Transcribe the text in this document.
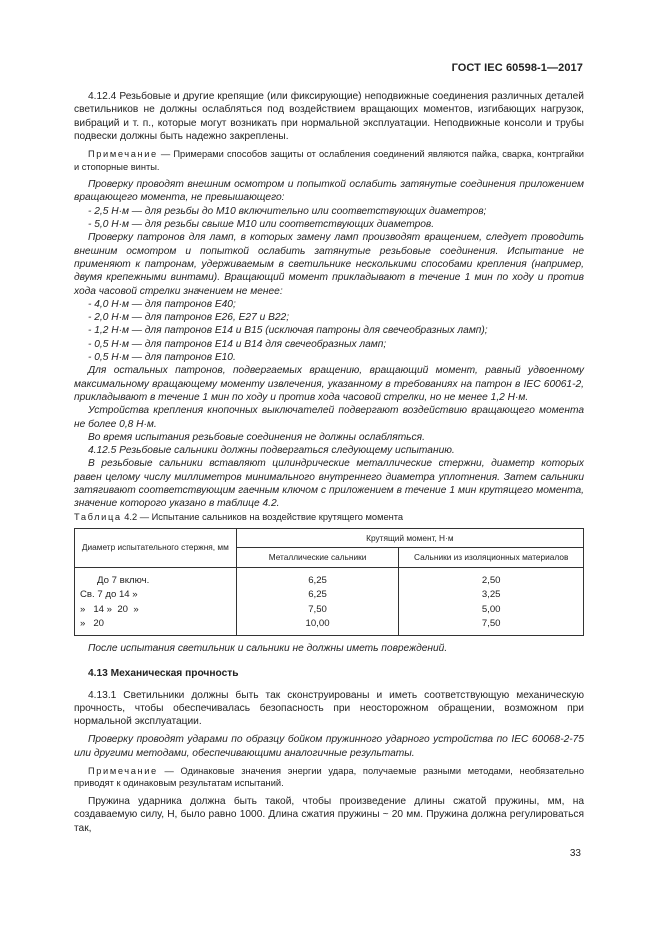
ГОСТ IEC 60598-1—2017

4.12.4 Резьбовые и другие крепящие (или фиксирующие) неподвижные соединения различных деталей светильников не должны ослабляться под воздействием вращающих моментов, изгибающих нагрузок, вибраций и т. п., которые могут возникать при нормальной эксплуатации. Неподвижные консоли и трубы подвески должны быть надежно закреплены.

Примечание — Примерами способов защиты от ослабления соединений являются пайка, сварка, контргайки и стопорные винты.

Проверку проводят внешним осмотром и попыткой ослабить затянутые соединения приложением вращающего момента, не превышающего:

- 2,5 Н·м — для резьбы до М10 включительно или соответствующих диаметров;

- 5,0 Н·м — для резьбы свыше М10 или соответствующих диаметров.

Проверку патронов для ламп, в которых замену ламп производят вращением, следует проводить внешним осмотром и попыткой ослабить затянутые резьбовые соединения. Испытание не применяют к патронам, удерживаемым в светильнике несколькими способами крепления (например, двумя крепежными винтами). Вращающий момент прикладывают в течение 1 мин по ходу и против хода часовой стрелки значением не менее:

- 4,0 Н·м — для патронов Е40;

- 2,0 Н·м — для патронов Е26, Е27 и В22;

- 1,2 Н·м — для патронов Е14 и В15 (исключая патроны для свечеобразных ламп);

- 0,5 Н·м — для патронов Е14 и В14 для свечеобразных ламп;

- 0,5 Н·м — для патронов Е10.

Для остальных патронов, подвергаемых вращению, вращающий момент, равный удвоенному максимальному вращающему моменту извлечения, указанному в требованиях на патрон в IEC 60061-2, прикладывают в течение 1 мин по ходу и против хода часовой стрелки, но не менее 1,2 Н·м.

Устройства крепления кнопочных выключателей подвергают воздействию вращающего момента не более 0,8 Н·м.

Во время испытания резьбовые соединения не должны ослабляться.

4.12.5 Резьбовые сальники должны подвергаться следующему испытанию.

В резьбовые сальники вставляют цилиндрические металлические стержни, диаметр которых равен целому числу миллиметров минимального внутреннего диаметра уплотнения. Затем сальники затягивают соответствующим гаечным ключом с приложением в течение 1 мин крутящего момента, значение которого указано в таблице 4.2.

Таблица 4.2 — Испытание сальников на воздействие крутящего момента

Диаметр испытательного стержня, мм	Крутящий момент, Н·м	
	Металлические сальники	Сальники из изоляционных материалов
До 7 включ.	6,25	2,50
Св. 7 до 14 »	6,25	3,25
»   14 »  20  »	7,50	5,00
»   20	10,00	7,50

После испытания светильник и сальники не должны иметь повреждений.

4.13 Механическая прочность

4.13.1 Светильники должны быть так сконструированы и иметь соответствующую механическую прочность, чтобы обеспечивалась безопасность при неосторожном обращении, возможном при нормальной эксплуатации.

Проверку проводят ударами по образцу бойком пружинного ударного устройства по IEC 60068-2-75 или другими методами, обеспечивающими аналогичные результаты.

Примечание — Одинаковые значения энергии удара, получаемые разными методами, необязательно приводят к одинаковым результатам испытаний.

Пружина ударника должна быть такой, чтобы произведение длины сжатой пружины, мм, на создаваемую силу, Н, было равно 1000. Длина сжатия пружины ~ 20 мм. Пружина должна регулироваться так,

33
